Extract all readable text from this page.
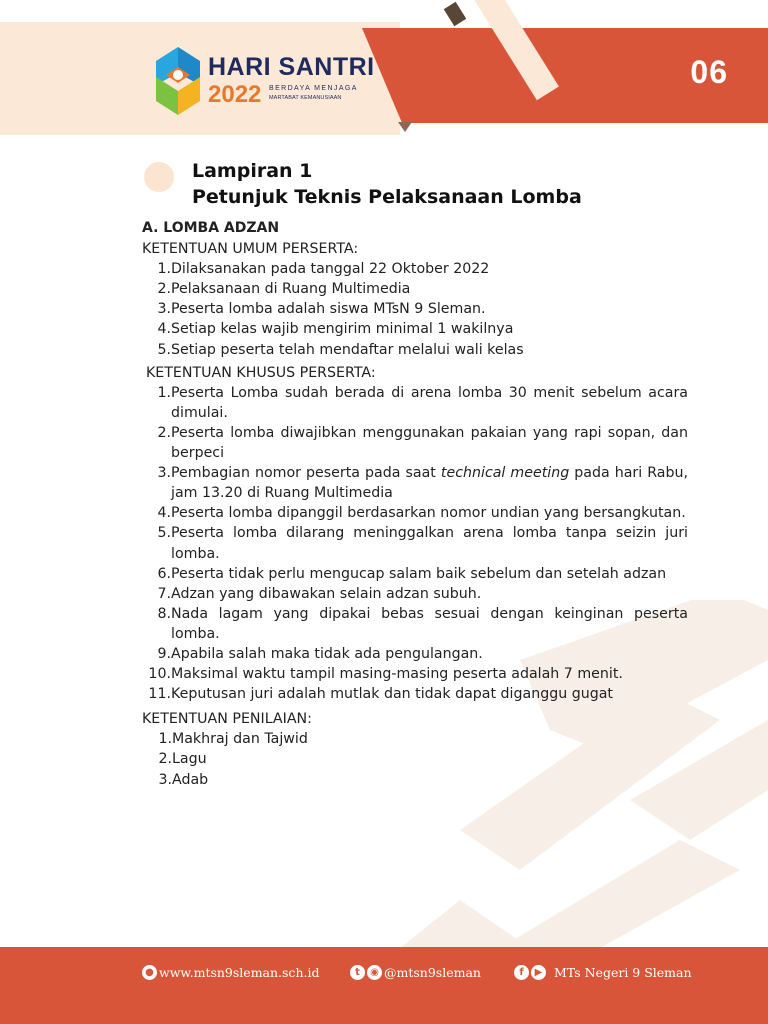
HARI SANTRI
2022 BERDAYA MENJAGA
MARTABAT KEMANUSIAAN
06
Lampiran 1
Petunjuk Teknis Pelaksanaan Lomba
A. LOMBA ADZAN
KETENTUAN UMUM PERSERTA:
1. Dilaksanakan pada tanggal 22 Oktober 2022
2. Pelaksanaan di Ruang Multimedia
3. Peserta lomba adalah siswa MTsN 9 Sleman.
4. Setiap kelas wajib mengirim minimal 1 wakilnya
5. Setiap peserta telah mendaftar melalui wali kelas
KETENTUAN KHUSUS PERSERTA:
1. Peserta Lomba sudah berada di arena lomba 30 menit sebelum acara dimulai.
2. Peserta lomba diwajibkan menggunakan pakaian yang rapi sopan, dan berpeci
3. Pembagian nomor peserta pada saat technical meeting pada hari Rabu, jam 13.20 di Ruang Multimedia
4. Peserta lomba dipanggil berdasarkan nomor undian yang bersangkutan.
5. Peserta lomba dilarang meninggalkan arena lomba tanpa seizin juri lomba.
6. Peserta tidak perlu mengucap salam baik sebelum dan setelah adzan
7. Adzan yang dibawakan selain adzan subuh.
8. Nada lagam yang dipakai bebas sesuai dengan keinginan peserta lomba.
9. Apabila salah maka tidak ada pengulangan.
10. Maksimal waktu tampil masing-masing peserta adalah 7 menit.
11. Keputusan juri adalah mutlak dan tidak dapat diganggu gugat
KETENTUAN PENILAIAN:
1. Makhraj dan Tajwid
2. Lagu
3. Adab
● www.mtsn9sleman.sch.id	t	◉ @mtsn9sleman	f	▶ MTs Negeri 9 Sleman
